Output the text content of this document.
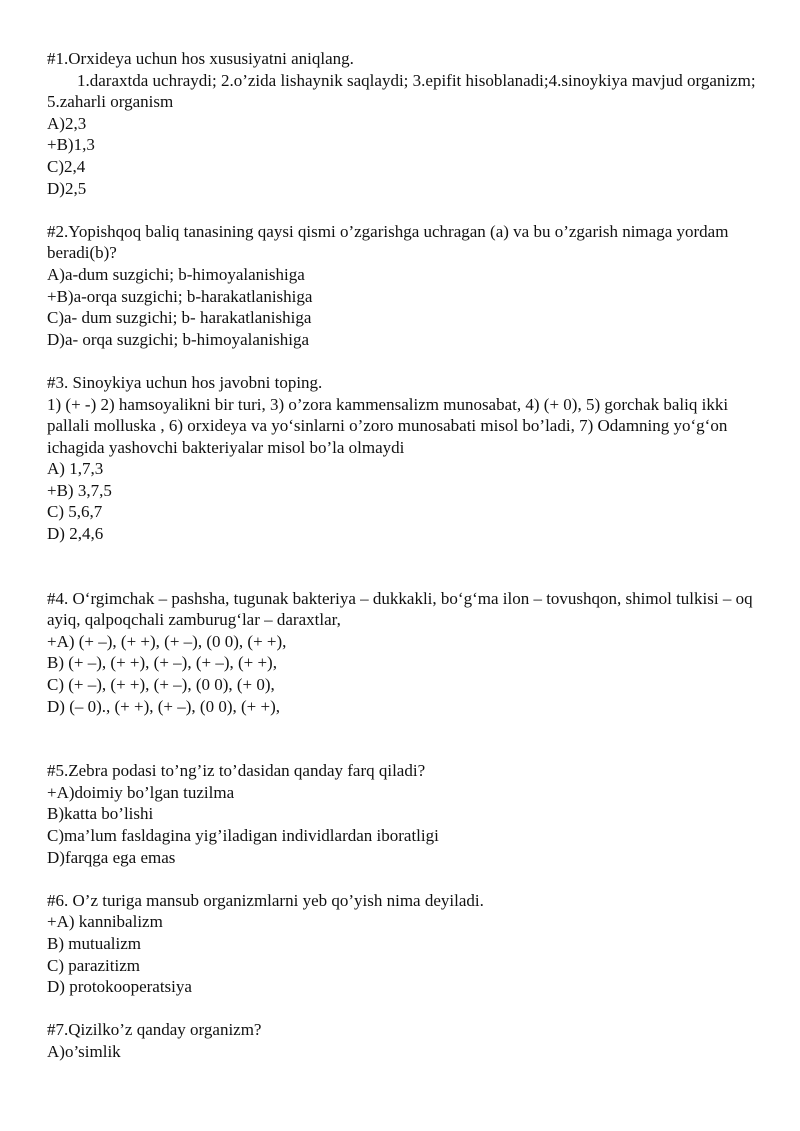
#1.Orxideya uchun hos xususiyatni aniqlang.

1.daraxtda uchraydi; 2.o’zida lishaynik saqlaydi; 3.epifit hisoblanadi;4.sinoykiya mavjud organizm; 5.zaharli organism

A)2,3

+B)1,3

C)2,4

D)2,5

#2.Yopishqoq baliq tanasining qaysi qismi o’zgarishga uchragan (a) va bu o’zgarish nimaga yordam beradi(b)?

A)a-dum suzgichi; b-himoyalanishiga

+B)a-orqa suzgichi; b-harakatlanishiga

C)a- dum suzgichi; b- harakatlanishiga

D)a- orqa suzgichi; b-himoyalanishiga

#3. Sinoykiya uchun hos javobni toping.

1) (+ -) 2) hamsoyalikni bir turi, 3) o’zora kammensalizm munosabat, 4) (+ 0), 5) gorchak baliq ikki pallali molluska , 6) orxideya va yo‘sinlarni o’zoro munosabati misol bo’ladi, 7) Odamning yo‘g‘on ichagida yashovchi bakteriyalar misol bo’la olmaydi

A) 1,7,3

+B) 3,7,5

C) 5,6,7

D) 2,4,6

#4. O‘rgimchak – pashsha, tugunak bakteriya – dukkakli, bo‘g‘ma ilon – tovushqon, shimol tulkisi – oq ayiq, qalpoqchali zamburug‘lar – daraxtlar,

+A) (+ –), (+ +), (+ –), (0 0), (+ +),

B) (+ –), (+ +), (+ –), (+ –), (+ +),

C) (+ –), (+ +), (+ –), (0 0), (+ 0),

D) (– 0)., (+ +), (+ –), (0 0), (+ +),

#5.Zebra podasi to’ng’iz to’dasidan qanday farq qiladi?

+A)doimiy bo’lgan tuzilma

B)katta bo’lishi

C)ma’lum fasldagina yig’iladigan individlardan iboratligi

D)farqga ega emas

#6. O’z turiga mansub organizmlarni yeb qo’yish nima deyiladi.

+A) kannibalizm

B) mutualizm

C) parazitizm

D) protokooperatsiya

#7.Qizilko’z qanday organizm?

A)o’simlik
